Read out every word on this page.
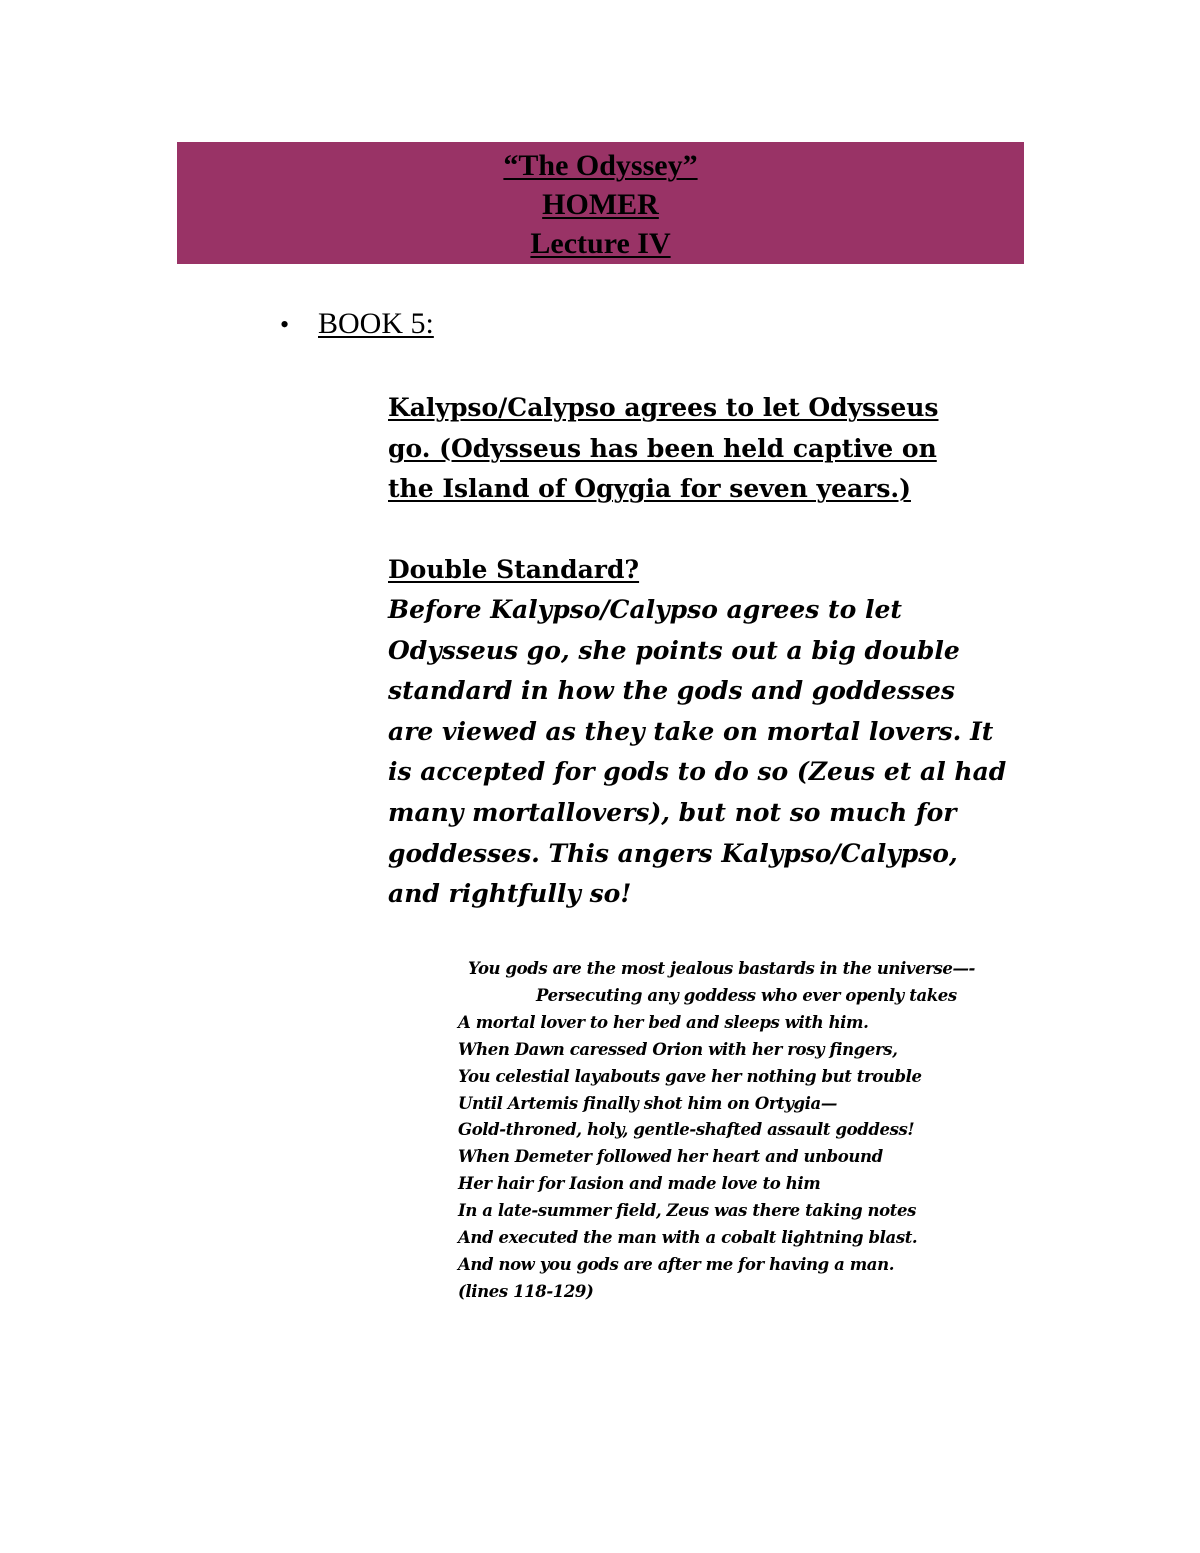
“The Odyssey”
HOMER
Lecture IV
• BOOK 5:
Kalypso/Calypso agrees to let Odysseus
go. (Odysseus has been held captive on
the Island of Ogygia for seven years.)
Double Standard?
Before Kalypso/Calypso agrees to let
Odysseus go, she points out a big double
standard in how the gods and goddesses
are viewed as they take on mortal lovers. It
is accepted for gods to do so (Zeus et al had
many mortallovers), but not so much for
goddesses. This angers Kalypso/Calypso,
and rightfully so!
You gods are the most jealous bastards in the universe—-
Persecuting any goddess who ever openly takes
A mortal lover to her bed and sleeps with him.
When Dawn caressed Orion with her rosy fingers,
You celestial layabouts gave her nothing but trouble
Until Artemis finally shot him on Ortygia—
Gold-throned, holy, gentle-shafted assault goddess!
When Demeter followed her heart and unbound
Her hair for Iasion and made love to him
In a late-summer field, Zeus was there taking notes
And executed the man with a cobalt lightning blast.
And now you gods are after me for having a man.
(lines 118-129)
